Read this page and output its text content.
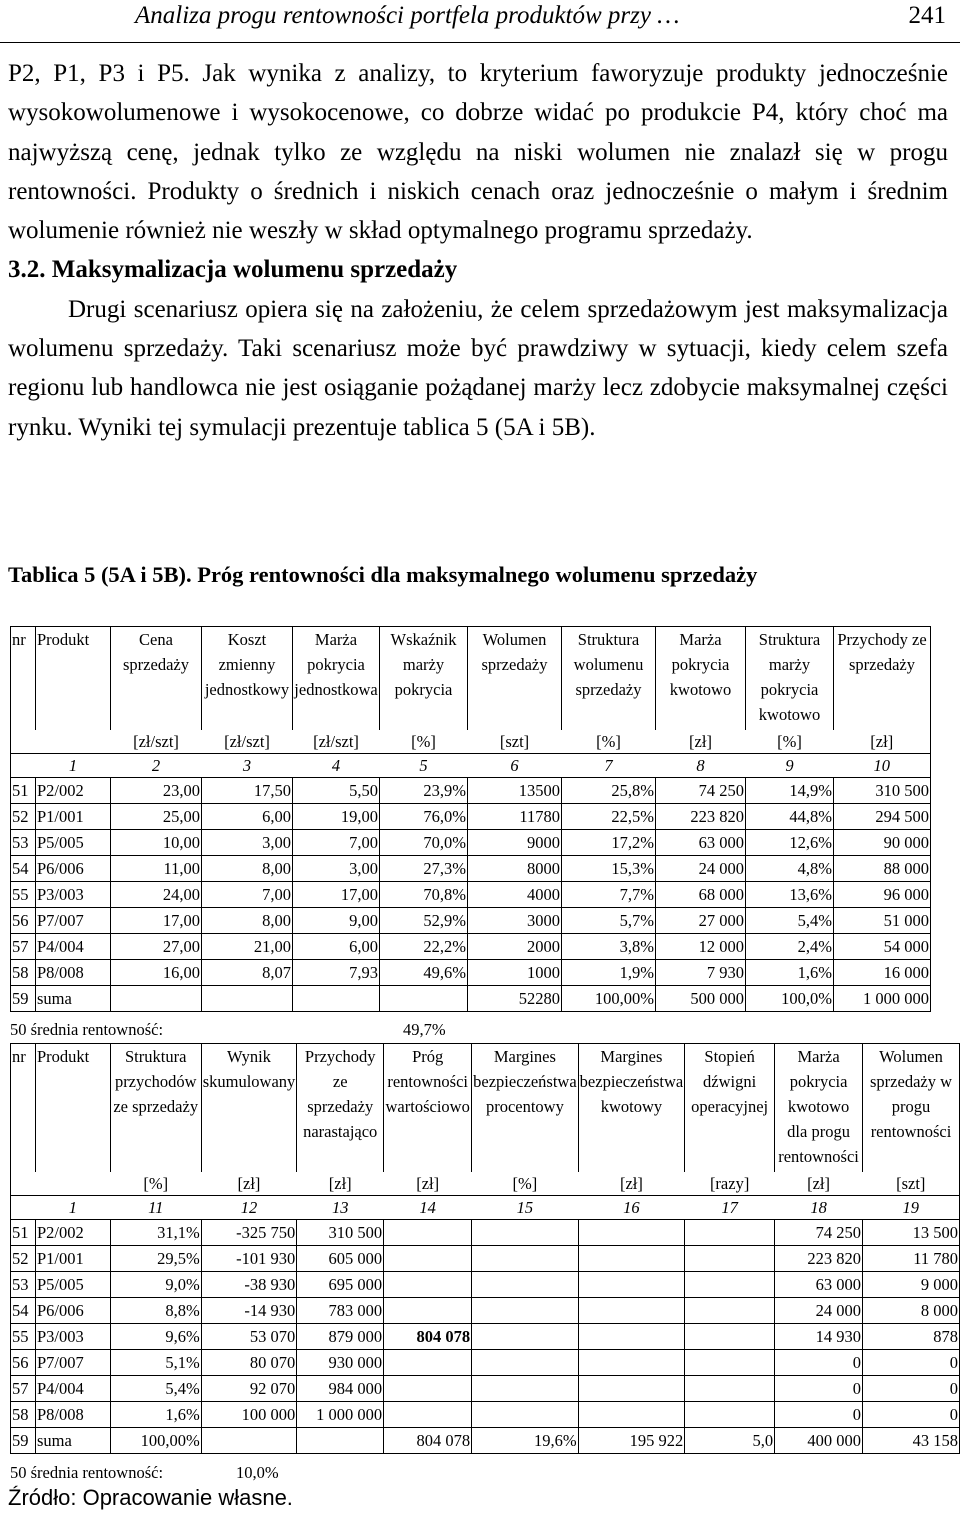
Analiza progu rentowności portfela produktów przy …	241

P2, P1, P3 i P5. Jak wynika z analizy, to kryterium faworyzuje produkty jednocześnie wysokowolumenowe i wysokocenowe, co dobrze widać po produkcie P4, który choć ma najwyższą cenę, jednak tylko ze względu na niski wolumen nie znalazł się w progu rentowności. Produkty o średnich i niskich cenach oraz jednocześnie o małym i średnim wolumenie również nie weszły w skład optymalnego programu sprzedaży.

3.2. Maksymalizacja wolumenu sprzedaży

Drugi scenariusz opiera się na założeniu, że celem sprzedażowym jest maksymalizacja wolumenu sprzedaży. Taki scenariusz może być prawdziwy w sytuacji, kiedy celem szefa regionu lub handlowca nie jest osiąganie pożądanej marży lecz zdobycie maksymalnej części rynku. Wyniki tej symulacji prezentuje tablica 5 (5A i 5B).

Tablica 5 (5A i 5B). Próg rentowności dla maksymalnego wolumenu sprzedaży
nr	Produkt	Cena sprzedaży	Koszt zmienny jednostkowy	Marża pokrycia jednostkowa	Wskaźnik marży pokrycia	Wolumen sprzedaży	Struktura wolumenu sprzedaży	Marża pokrycia kwotowo	Struktura marży pokrycia kwotowo	Przychody ze sprzedaży
		[zł/szt]	[zł/szt]	[zł/szt]	[%]	[szt]	[%]	[zł]	[%]	[zł]
	1	2	3	4	5	6	7	8	9	10
51	P2/002	23,00	17,50	5,50	23,9%	13500	25,8%	74 250	14,9%	310 500
52	P1/001	25,00	6,00	19,00	76,0%	11780	22,5%	223 820	44,8%	294 500
53	P5/005	10,00	3,00	7,00	70,0%	9000	17,2%	63 000	12,6%	90 000
54	P6/006	11,00	8,00	3,00	27,3%	8000	15,3%	24 000	4,8%	88 000
55	P3/003	24,00	7,00	17,00	70,8%	4000	7,7%	68 000	13,6%	96 000
56	P7/007	17,00	8,00	9,00	52,9%	3000	5,7%	27 000	5,4%	51 000
57	P4/004	27,00	21,00	6,00	22,2%	2000	3,8%	12 000	2,4%	54 000
58	P8/008	16,00	8,07	7,93	49,6%	1000	1,9%	7 930	1,6%	16 000
59	suma					52280	100,00%	500 000	100,0%	1 000 000
50 średnia rentowność:	49,7%
nr	Produkt	Struktura przychodów ze sprzedaży	Wynik skumulowany	Przychody ze sprzedaży narastająco	Próg rentowności wartościowo	Margines bezpieczeństwa procentowy	Margines bezpieczeństwa kwotowy	Stopień dźwigni operacyjnej	Marża pokrycia kwotowo dla progu rentowności	Wolumen sprzedaży w progu rentowności
		[%]	[zł]	[zł]	[zł]	[%]	[zł]	[razy]	[zł]	[szt]
	1	11	12	13	14	15	16	17	18	19
51	P2/002	31,1%	-325 750	310 500					74 250	13 500
52	P1/001	29,5%	-101 930	605 000					223 820	11 780
53	P5/005	9,0%	-38 930	695 000					63 000	9 000
54	P6/006	8,8%	-14 930	783 000					24 000	8 000
55	P3/003	9,6%	53 070	879 000	804 078				14 930	878
56	P7/007	5,1%	80 070	930 000					0	0
57	P4/004	5,4%	92 070	984 000					0	0
58	P8/008	1,6%	100 000	1 000 000					0	0
59	suma	100,00%			804 078	19,6%	195 922	5,0	400 000	43 158
50 średnia rentowność:	10,0%
Źródło: Opracowanie własne.
